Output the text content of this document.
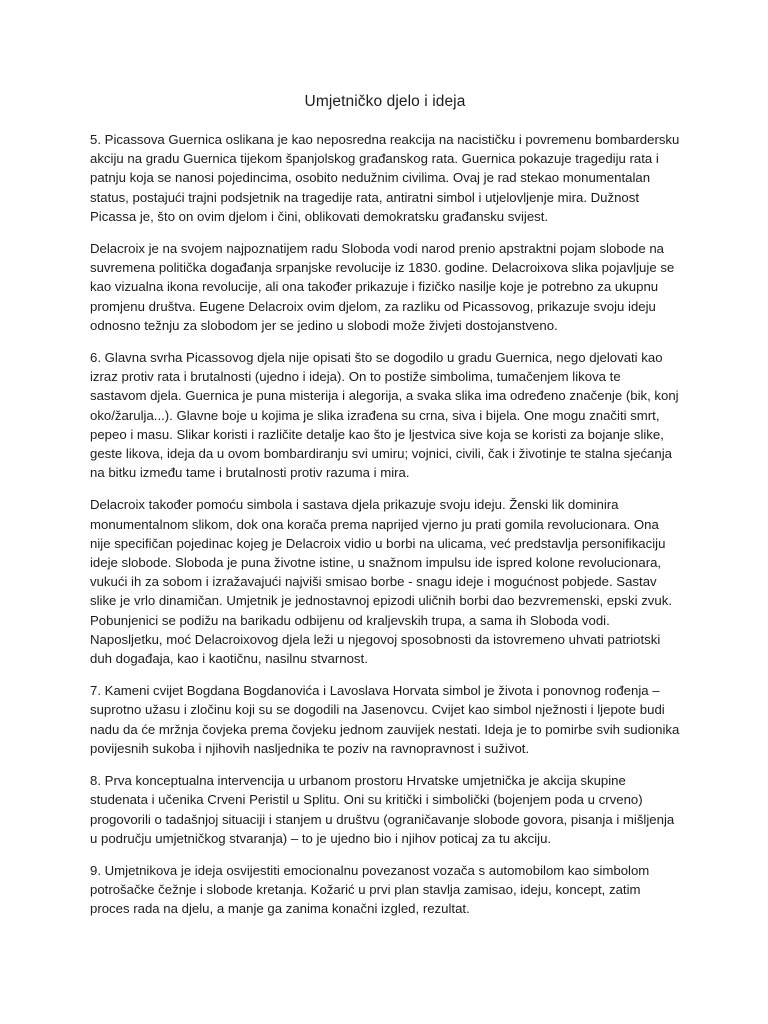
Umjetničko djelo i ideja

5. Picassova Guernica oslikana je kao neposredna reakcija na nacističku i povremenu bombardersku akciju na gradu Guernica tijekom španjolskog građanskog rata. Guernica pokazuje tragediju rata i patnju koja se nanosi pojedincima, osobito nedužnim civilima. Ovaj je rad stekao monumentalan status, postajući trajni podsjetnik na tragedije rata, antiratni simbol i utjelovljenje mira. Dužnost Picassa je, što on ovim djelom i čini, oblikovati demokratsku građansku svijest.

Delacroix je na svojem najpoznatijem radu Sloboda vodi narod prenio apstraktni pojam slobode na suvremena politička događanja srpanjske revolucije iz 1830. godine. Delacroixova slika pojavljuje se kao vizualna ikona revolucije, ali ona također prikazuje i fizičko nasilje koje je potrebno za ukupnu promjenu društva. Eugene Delacroix ovim djelom, za razliku od Picassovog, prikazuje svoju ideju odnosno težnju za slobodom jer se jedino u slobodi može živjeti dostojanstveno.

6. Glavna svrha Picassovog djela nije opisati što se dogodilo u gradu Guernica, nego djelovati kao izraz protiv rata i brutalnosti (ujedno i ideja). On to postiže simbolima, tumačenjem likova te sastavom djela. Guernica je puna misterija i alegorija, a svaka slika ima određeno značenje (bik, konj oko/žarulja...). Glavne boje u kojima je slika izrađena su crna, siva i bijela. One mogu značiti smrt, pepeo i masu. Slikar koristi i različite detalje kao što je ljestvica sive koja se koristi za bojanje slike, geste likova, ideja da u ovom bombardiranju svi umiru; vojnici, civili, čak i životinje te stalna sjećanja na bitku između tame i brutalnosti protiv razuma i mira.

Delacroix također pomoću simbola i sastava djela prikazuje svoju ideju. Ženski lik dominira monumentalnom slikom, dok ona korača prema naprijed vjerno ju prati gomila revolucionara. Ona nije specifičan pojedinac kojeg je Delacroix vidio u borbi na ulicama, već predstavlja personifikaciju ideje slobode. Sloboda je puna životne istine, u snažnom impulsu ide ispred kolone revolucionara, vukući ih za sobom i izražavajući najviši smisao borbe - snagu ideje i mogućnost pobjede. Sastav slike je vrlo dinamičan. Umjetnik je jednostavnoj epizodi uličnih borbi dao bezvremenski, epski zvuk. Pobunjenici se podižu na barikadu odbijenu od kraljevskih trupa, a sama ih Sloboda vodi. Naposljetku, moć Delacroixovog djela leži u njegovoj sposobnosti da istovremeno uhvati patriotski duh događaja, kao i kaotičnu, nasilnu stvarnost.

7. Kameni cvijet Bogdana Bogdanovića i Lavoslava Horvata simbol je života i ponovnog rođenja – suprotno užasu i zločinu koji su se dogodili na Jasenovcu. Cvijet kao simbol nježnosti i ljepote budi nadu da će mržnja čovjeka prema čovjeku jednom zauvijek nestati. Ideja je to pomirbe svih sudionika povijesnih sukoba i njihovih nasljednika te poziv na ravnopravnost i suživot.

8. Prva konceptualna intervencija u urbanom prostoru Hrvatske umjetnička je akcija skupine studenata i učenika Crveni Peristil u Splitu. Oni su kritički i simbolički (bojenjem poda u crveno) progovorili o tadašnjoj situaciji i stanjem u društvu (ograničavanje slobode govora, pisanja i mišljenja u području umjetničkog stvaranja) – to je ujedno bio i njihov poticaj za tu akciju.

9. Umjetnikova je ideja osvijestiti emocionalnu povezanost vozača s automobilom kao simbolom potrošačke čežnje i slobode kretanja. Kožarić u prvi plan stavlja zamisao, ideju, koncept, zatim proces rada na djelu, a manje ga zanima konačni izgled, rezultat.
